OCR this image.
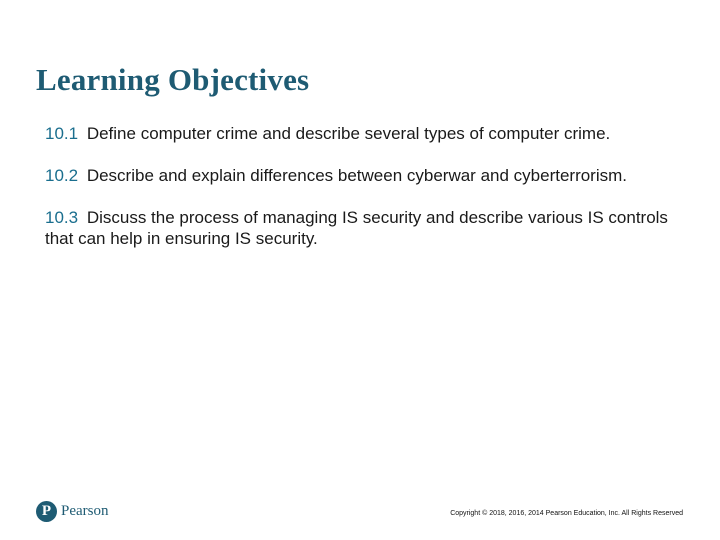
Learning Objectives
10.1 Define computer crime and describe several types of computer crime.
10.2 Describe and explain differences between cyberwar and cyberterrorism.
10.3 Discuss the process of managing IS security and describe various IS controls that can help in ensuring IS security.
P Pearson	Copyright © 2018, 2016, 2014 Pearson Education, Inc. All Rights Reserved
